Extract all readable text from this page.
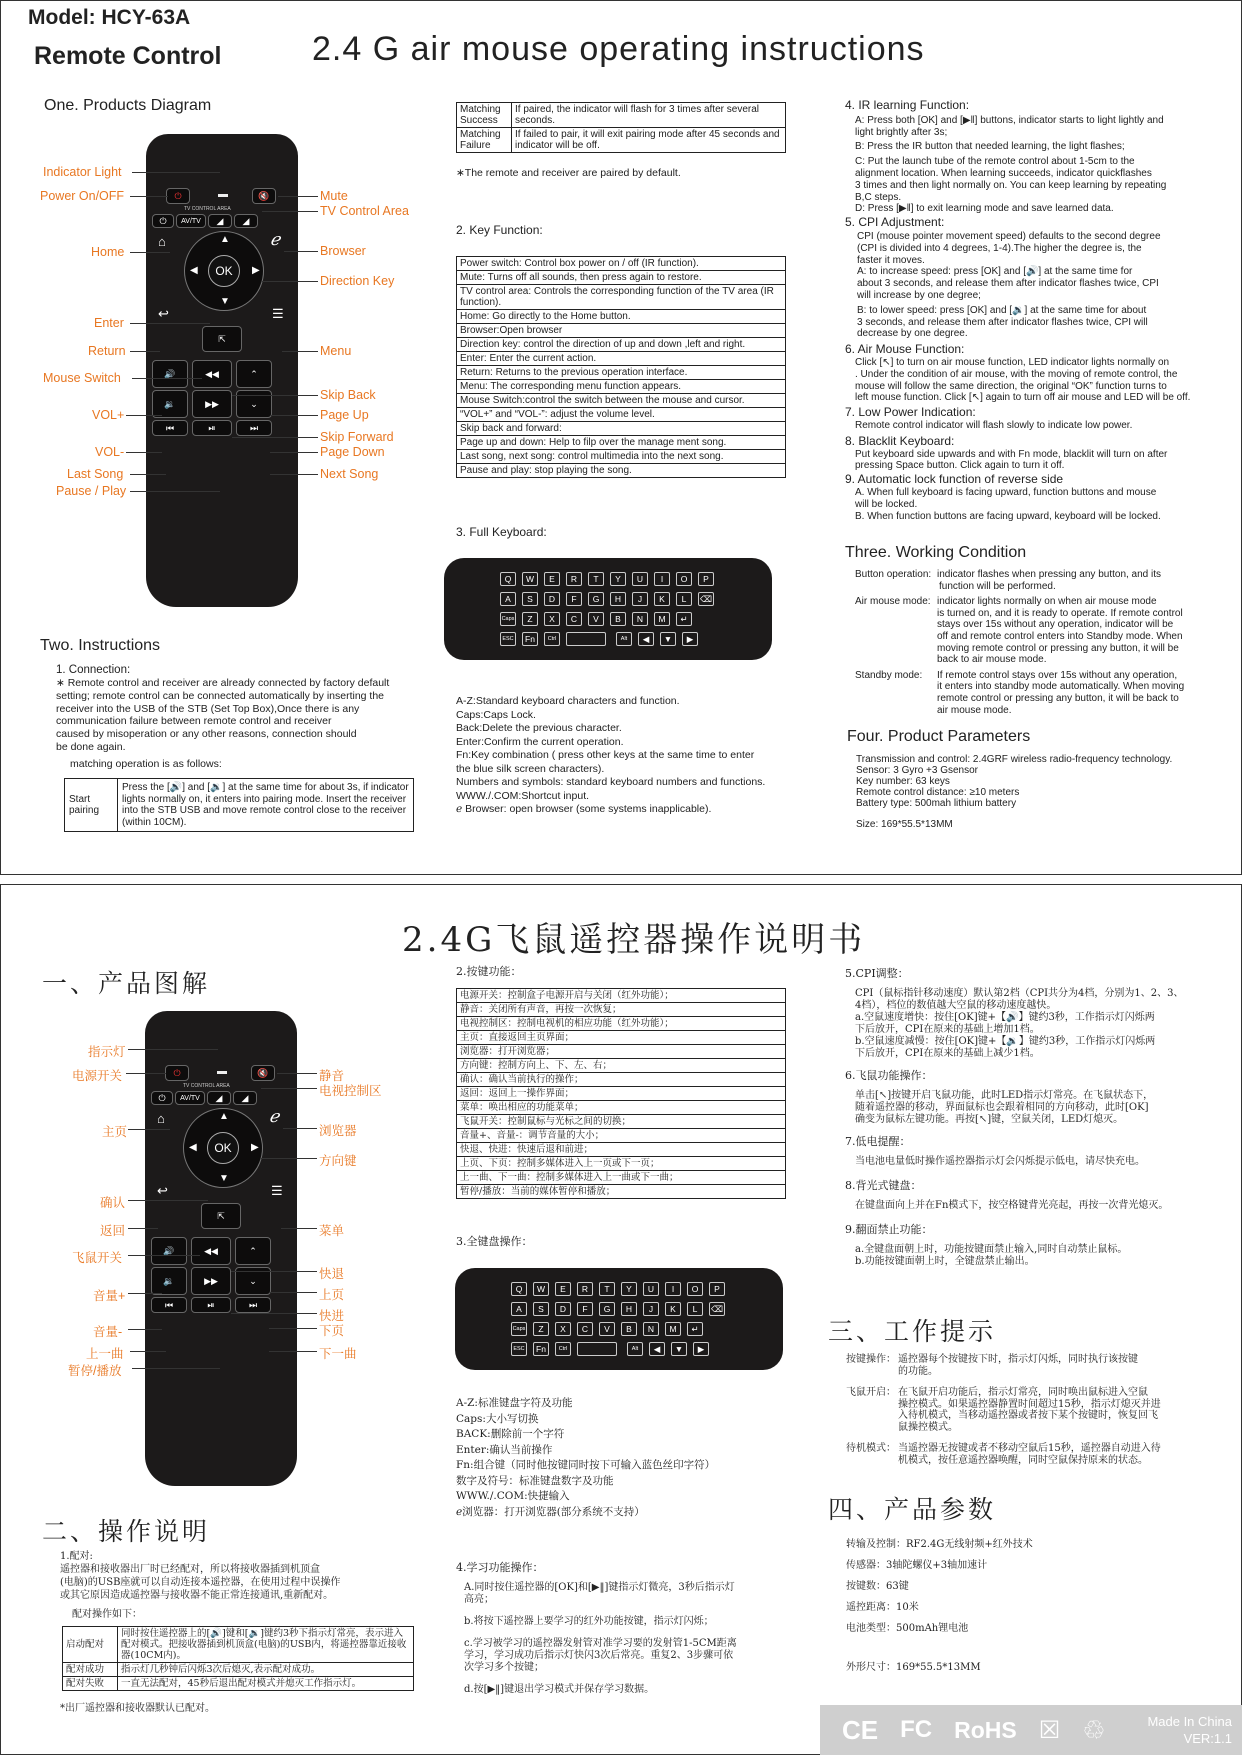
Model: HCY-63A
Remote Control	2.4 G air mouse operating instructions
One. Products Diagram
⏻	🔇
TV CONTROL AREA
⏻	AV/TV	◢	◢
⌂	ℯ
OK
▲
▼
◀	▶
↩	☰
⇱
🔊	◀◀	⌃
🔉	▶▶	⌄
⏮	⏯	⏭
Indicator Light
Power On/OFF
Home
Enter
Return
Mouse Switch
VOL+
VOL-
Last Song
Pause / Play
Mute
TV Control Area
Browser
Direction Key
Menu
Skip Back
Page Up
Skip Forward
Page Down
Next Song
Two. Instructions
1. Connection:
∗ Remote control and receiver are already connected by factory default
setting; remote control can be connected automatically by inserting the
receiver into the USB of the STB (Set Top Box),Once there is any
communication failure between remote control and receiver
caused by misoperation or any other reasons, connection should
be done again.
matching operation is as follows:
Start pairing	Press the [🔊] and [🔉] at the same time for about 3s, if indicator lights normally on, it enters into pairing mode. Insert the receiver into the STB USB and move remote control close to the receiver (within 10CM).
Matching Success	If paired, the indicator will flash for 3 times after several seconds.
Matching Failure	If failed to pair, it will exit pairing mode after 45 seconds and indicator will be off.
∗The remote and receiver are paired by default.
2. Key Function:
Power switch: Control box power on / off (IR function).
Mute: Turns off all sounds, then press again to restore.
TV control area: Controls the corresponding function of the TV area (IR function).
Home: Go directly to the Home button.
Browser:Open browser
Direction key: control the direction of up and down ,left and right.
Enter: Enter the current action.
Return: Returns to the previous operation interface.
Menu: The corresponding menu function appears.
Mouse Switch:control the switch between the mouse and cursor.
“VOL+” and “VOL-”: adjust the volume level.
Skip back and forward:
Page up and down: Help to filp over the manage ment song.
Last song, next song: control multimedia into the next song.
Pause and play: stop playing the song.
3. Full Keyboard:
Q	W	E	R	T	Y	U	I	O	P
A	S	D	F	G	H	J	K	L	⌫
Caps	Z	X	C	V	B	N	M	↵
ESC	Fn	Ctrl	Alt	◀	▼	▶
A-Z:Standard keyboard characters and function.
Caps:Caps Lock.
Back:Delete the previous character.
Enter:Confirm the current operation.
Fn:Key combination ( press other keys at the same time to enter
the blue silk screen characters).
Numbers and symbols: standard keyboard numbers and functions.
WWW./.COM:Shortcut input.
ℯ Browser: open browser (some systems inapplicable).
4. IR learning Function:
A: Press both [OK] and [▶‖] buttons, indicator starts to light lightly and
light brightly after 3s;
B: Press the IR button that needed learning, the light flashes;
C: Put the launch tube of the remote control about 1-5cm to the
alignment location. When learning succeeds, indicator quickflashes
3 times and then light normally on. You can keep learning by repeating
B,C steps.
D: Press [▶‖] to exit learning mode and save learned data.
5. CPI Adjustment:
CPI (mouse pointer movement speed) defaults to the second degree
(CPI is divided into 4 degrees, 1-4).The higher the degree is, the
faster it moves.
A: to increase speed: press [OK] and [🔊] at the same time for
about 3 seconds, and release them after indicator flashes twice, CPI
will increase by one degree;
B: to lower speed: press [OK] and [🔉] at the same time for about
3 seconds, and release them after indicator flashes twice, CPI will
decrease by one degree.
6. Air Mouse Function:
Click [↖] to turn on air mouse function, LED indicator lights normally on
. Under the condition of air mouse, with the moving of remote control, the
mouse will follow the same direction, the original “OK” function turns to
left mouse function. Click [↖] again to turn off air mouse and LED will be off.
7. Low Power Indication:
Remote control indicator will flash slowly to indicate low power.
8. Blacklit Keyboard:
Put keyboard side upwards and with Fn mode, blacklit will turn on after
pressing Space button. Click again to turn it off.
9. Automatic lock function of reverse side
A. When full keyboard is facing upward, function buttons and mouse
will be locked.
B. When function buttons are facing upward, keyboard will be locked.
Three. Working Condition
Button operation: indicator flashes when pressing any button, and its
function will be performed.
Air mouse mode: indicator lights normally on when air mouse mode
is turned on, and it is ready to operate. If remote control
stays over 15s without any operation, indicator will be
off and remote control enters into Standby mode. When
moving remote control or pressing any button, it will be
back to air mouse mode.
Standby mode:	If remote control stays over 15s without any operation,
it enters into standby mode automatically. When moving
remote control or pressing any button, it will be back to
air mouse mode.
Four. Product Parameters
Transmission and control: 2.4GRF wireless radio-frequency technology.
Sensor: 3 Gyro +3 Gsensor
Key number: 63 keys
Remote control distance: ≥10 meters
Battery type: 500mah lithium battery
Size: 169*55.5*13MM
2.4G飞鼠遥控器操作说明书
一、产品图解
⏻	🔇
TV CONTROL AREA
⏻	AV/TV	◢	◢
⌂	ℯ
OK
▲
▼
◀	▶
↩	☰
⇱
🔊	◀◀	⌃
🔉	▶▶	⌄
⏮	⏯	⏭
指示灯
电源开关
主页
确认
返回
飞鼠开关
音量+
音量-
上一曲
暂停/播放
静音
电视控制区
浏览器
方向键
菜单
快退
上页
快进
下页
下一曲
二、操作说明
1.配对:
遥控器和接收器出厂时已经配对，所以将接收器插到机顶盒
(电脑)的USB座就可以自动连接本遥控器，在使用过程中误操作
或其它原因造成遥控器与接收器不能正常连接通讯,重新配对。
配对操作如下：
启动配对	同时按住遥控器上的[🔊]键和[🔉]键约3秒下指示灯常亮，表示进入配对模式。把接收器插到机顶盒(电脑)的USB内，将遥控器靠近接收器(10CM内)。
配对成功	指示灯几秒钟后闪烁3次后熄灭,表示配对成功。
配对失败	一直无法配对，45秒后退出配对模式并熄灭工作指示灯。
*出厂遥控器和接收器默认已配对。
2.按键功能：
电源开关：控制盒子电源开启与关闭（红外功能）；
静音：关闭所有声音，再按一次恢复；
电视控制区：控制电视机的相应功能（红外功能）；
主页：直接返回主页界面；
浏览器：打开浏览器；
方向键：控制方向上、下、左、右；
确认：确认当前执行的操作；
返回：返回上一操作界面；
菜单：唤出相应的功能菜单；
飞鼠开关：控制鼠标与光标之间的切换；
音量+、音量-：调节音量的大小；
快退、快进：快速后退和前进；
上页、下页：控制多媒体进入上一页或下一页；
上一曲、下一曲：控制多媒体进入上一曲或下一曲；
暂停/播放：当前的媒体暂停和播放；
3.全键盘操作：
Q	W	E	R	T	Y	U	I	O	P
A	S	D	F	G	H	J	K	L	⌫
Caps	Z	X	C	V	B	N	M	↵
ESC	Fn	Ctrl	Alt	◀	▼	▶
A-Z:标准键盘字符及功能
Caps:大小写切换
BACK:删除前一个字符
Enter:确认当前操作
Fn:组合键（同时他按键同时按下可输入蓝色丝印字符）
数字及符号：标准键盘数字及功能
WWW./.COM:快捷输入
ℯ浏览器：打开浏览器(部分系统不支持）
4.学习功能操作：
A.同时按住遥控器的[OK]和[▶‖]键指示灯微亮，3秒后指示灯
高亮；
b.将按下遥控器上要学习的红外功能按键，指示灯闪烁；
c.学习被学习的遥控器发射管对准学习要的发射管1-5CM距离
学习，学习成功后指示灯快闪3次后常亮。重复2、3步骤可依
次学习多个按键；
d.按[▶‖]键退出学习模式并保存学习数据。
5.CPI调整：
CPI（鼠标指针移动速度）默认第2档（CPI共分为4档，分别为1、2、3、
4档），档位的数值越大空鼠的移动速度越快。
a.空鼠速度增快：按住[OK]键+【🔊】键约3秒，工作指示灯闪烁两
下后放开，CPI在原来的基础上增加1档。
b.空鼠速度减慢：按住[OK]键+【🔉】键约3秒，工作指示灯闪烁两
下后放开，CPI在原来的基础上减少1档。
6.飞鼠功能操作：
单击[↖]按键开启飞鼠功能，此时LED指示灯常亮。在飞鼠状态下，
随着遥控器的移动，界面鼠标也会跟着相同的方向移动，此时[OK]
确变为鼠标左键功能。再按[↖]键，空鼠关闭，LED灯熄灭。
7.低电提醒：
当电池电量低时操作遥控器指示灯会闪烁提示低电，请尽快充电。
8.背光式键盘：
在键盘面向上并在Fn模式下，按空格键背光亮起，再按一次背光熄灭。
9.翻面禁止功能：
a.全键盘面朝上时，功能按键面禁止输入,同时自动禁止鼠标。
b.功能按键面朝上时，全键盘禁止输出。
三、工作提示
按键操作： 遥控器每个按键按下时，指示灯闪烁，同时执行该按键
的功能。
飞鼠开启： 在飞鼠开启功能后，指示灯常亮，同时唤出鼠标进入空鼠
操控模式。如果遥控器静置时间超过15秒，指示灯熄灭并进
入待机模式，当移动遥控器或者按下某个按键时，恢复回飞
鼠操控模式。
待机模式： 当遥控器无按键或者不移动空鼠后15秒，遥控器自动进入待
机模式，按任意遥控器唤醒，同时空鼠保持原来的状态。
四、产品参数
转输及控制：RF2.4G无线射频+红外技术
传感器：3轴陀螺仪+3轴加速计
按键数：63键
遥控距离：10米
电池类型：500mAh锂电池
外形尺寸：169*55.5*13MM
CE FC RoHS ☒ ♲	Made In China
VER:1.1
